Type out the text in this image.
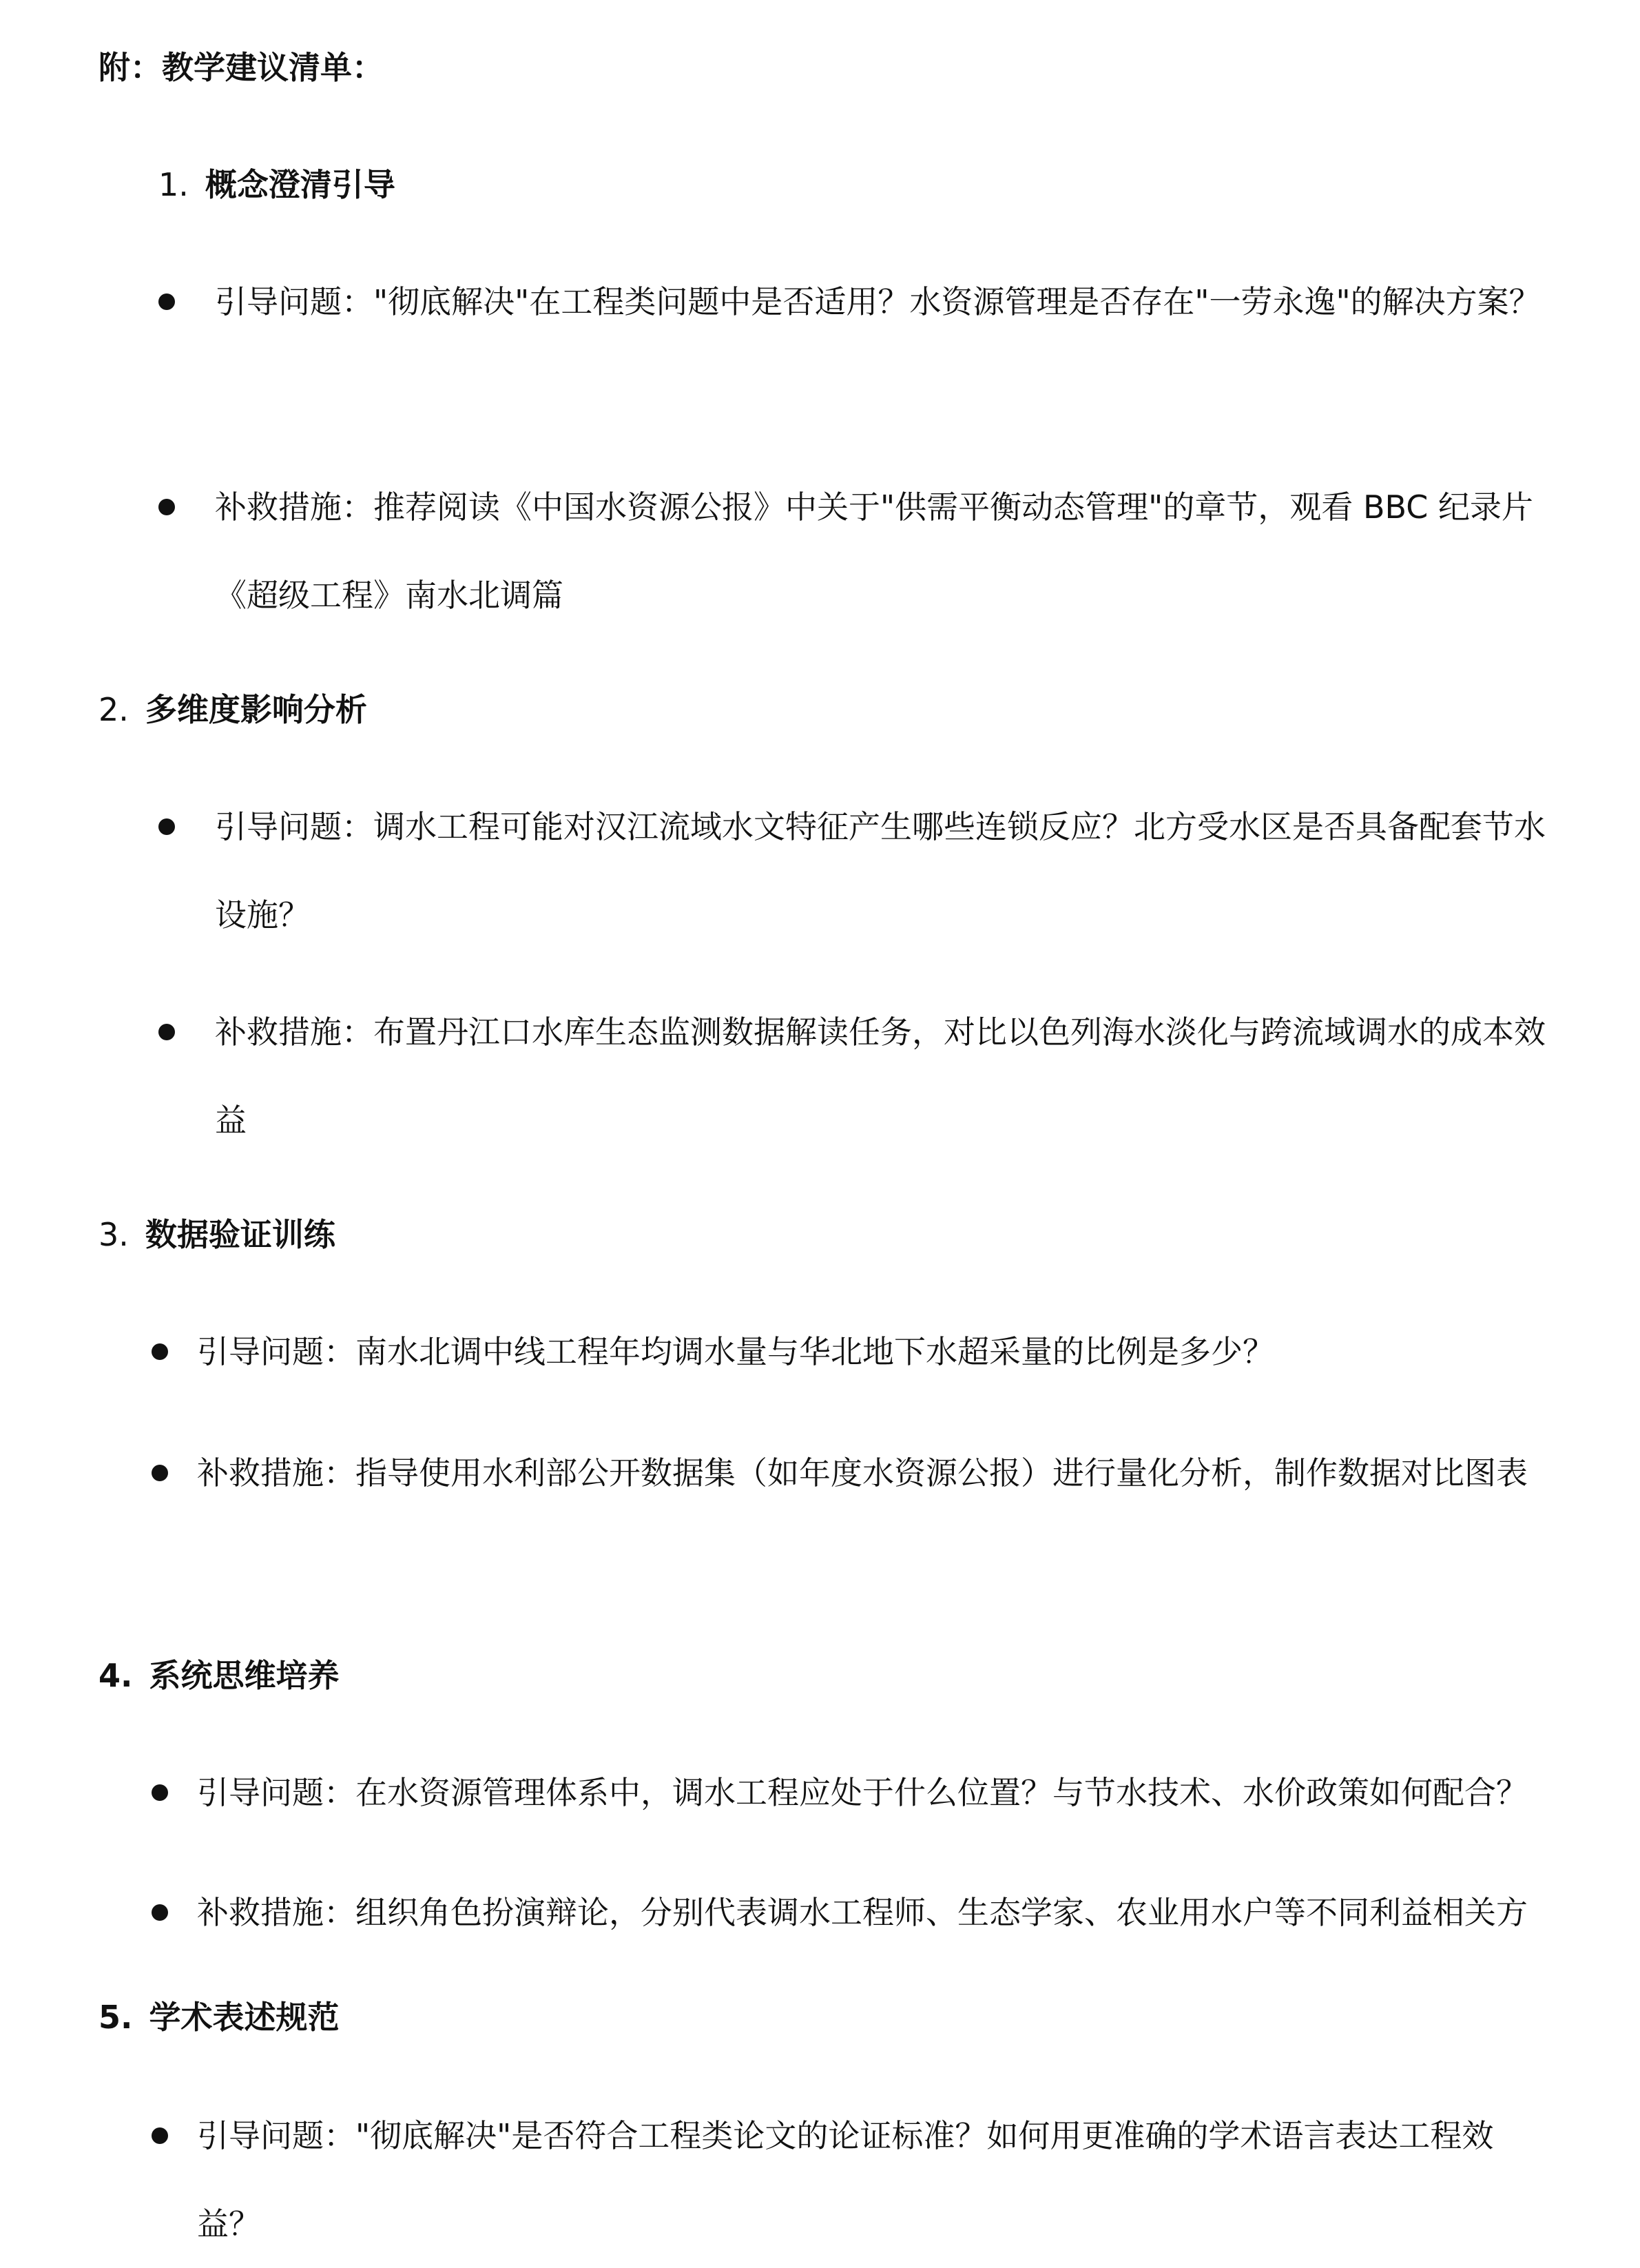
附：教学建议清单：
1. 概念澄清引导
引导问题："彻底解决"在工程类问题中是否适用？水资源管理是否存在"一劳永逸"的解决方案？
补救措施：推荐阅读《中国水资源公报》中关于"供需平衡动态管理"的章节，观看 BBC 纪录片《超级工程》南水北调篇
2. 多维度影响分析
引导问题：调水工程可能对汉江流域水文特征产生哪些连锁反应？北方受水区是否具备配套节水设施？
补救措施：布置丹江口水库生态监测数据解读任务，对比以色列海水淡化与跨流域调水的成本效益
3. 数据验证训练
引导问题：南水北调中线工程年均调水量与华北地下水超采量的比例是多少？
补救措施：指导使用水利部公开数据集（如年度水资源公报）进行量化分析，制作数据对比图表
4. 系统思维培养
引导问题：在水资源管理体系中，调水工程应处于什么位置？与节水技术、水价政策如何配合？
补救措施：组织角色扮演辩论，分别代表调水工程师、生态学家、农业用水户等不同利益相关方
5. 学术表述规范
引导问题："彻底解决"是否符合工程类论文的论证标准？如何用更准确的学术语言表达工程效益？
